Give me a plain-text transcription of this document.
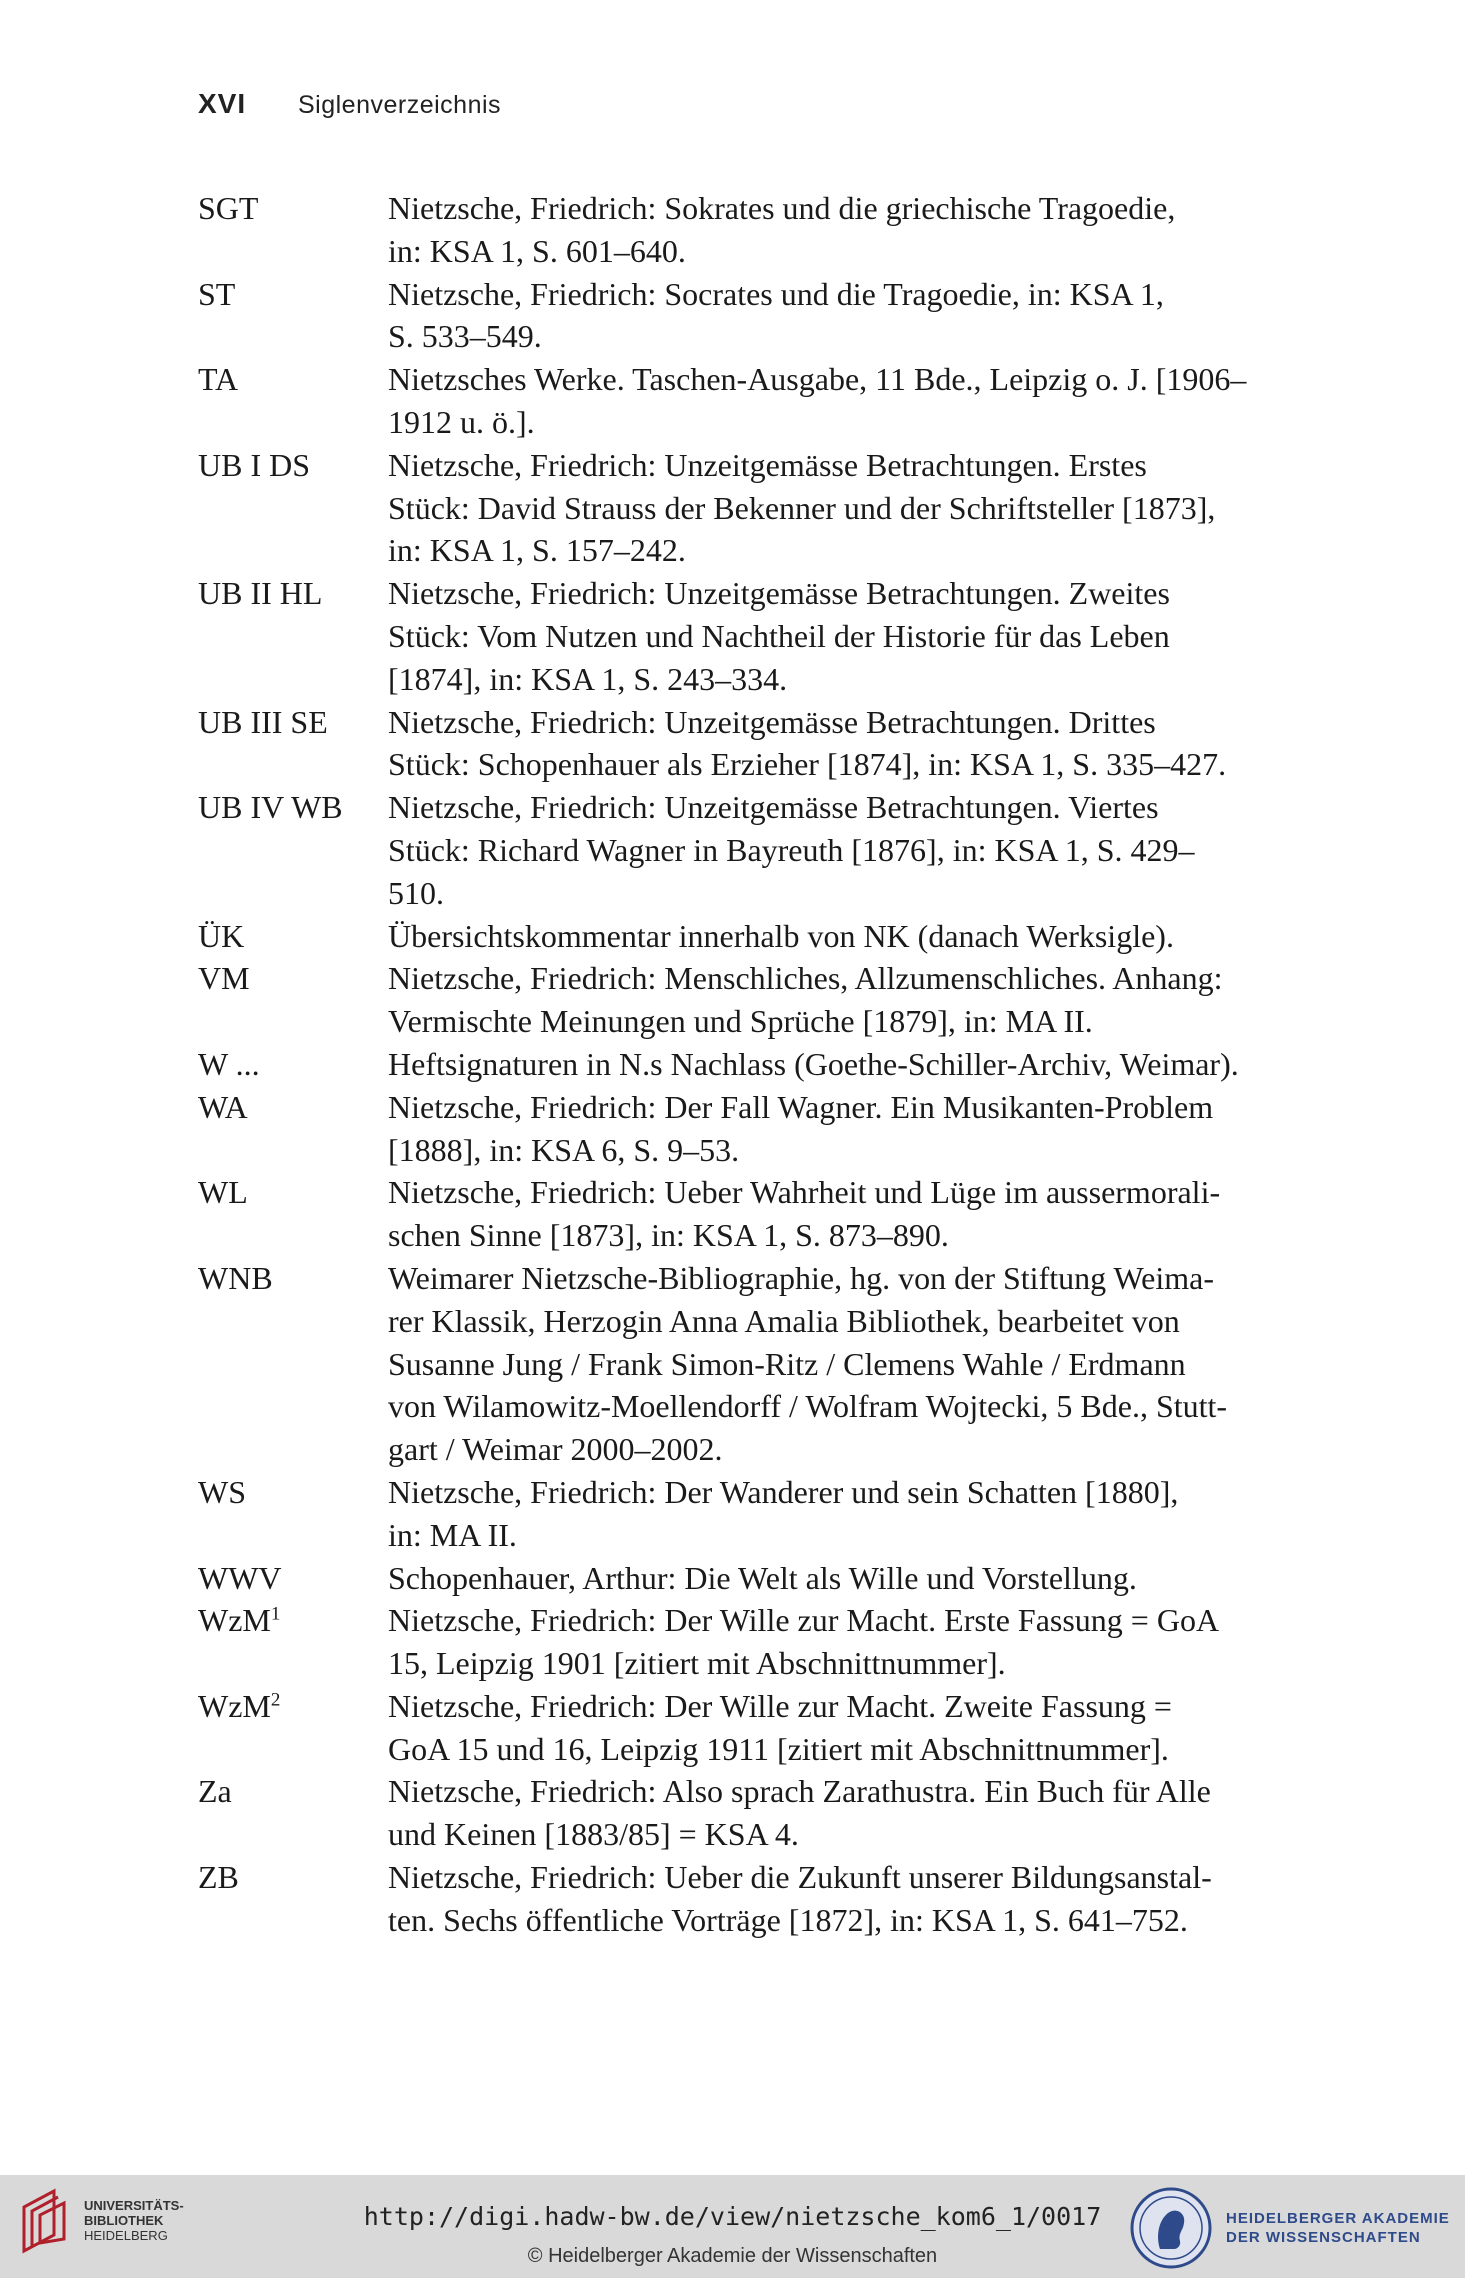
XVI	Siglenverzeichnis
SGT	Nietzsche, Friedrich: Sokrates und die griechische Tragoedie,
in: KSA 1, S. 601–640.
ST	Nietzsche, Friedrich: Socrates und die Tragoedie, in: KSA 1,
S. 533–549.
TA	Nietzsches Werke. Taschen-Ausgabe, 11 Bde., Leipzig o. J. [1906–
1912 u. ö.].
UB I DS	Nietzsche, Friedrich: Unzeitgemässe Betrachtungen. Erstes
Stück: David Strauss der Bekenner und der Schriftsteller [1873],
in: KSA 1, S. 157–242.
UB II HL	Nietzsche, Friedrich: Unzeitgemässe Betrachtungen. Zweites
Stück: Vom Nutzen und Nachtheil der Historie für das Leben
[1874], in: KSA 1, S. 243–334.
UB III SE	Nietzsche, Friedrich: Unzeitgemässe Betrachtungen. Drittes
Stück: Schopenhauer als Erzieher [1874], in: KSA 1, S. 335–427.
UB IV WB	Nietzsche, Friedrich: Unzeitgemässe Betrachtungen. Viertes
Stück: Richard Wagner in Bayreuth [1876], in: KSA 1, S. 429–
510.
ÜK	Übersichtskommentar innerhalb von NK (danach Werksigle).
VM	Nietzsche, Friedrich: Menschliches, Allzumenschliches. Anhang:
Vermischte Meinungen und Sprüche [1879], in: MA II.
W ...	Heftsignaturen in N.s Nachlass (Goethe-Schiller-Archiv, Weimar).
WA	Nietzsche, Friedrich: Der Fall Wagner. Ein Musikanten-Problem
[1888], in: KSA 6, S. 9–53.
WL	Nietzsche, Friedrich: Ueber Wahrheit und Lüge im aussermorali-
schen Sinne [1873], in: KSA 1, S. 873–890.
WNB	Weimarer Nietzsche-Bibliographie, hg. von der Stiftung Weima-
rer Klassik, Herzogin Anna Amalia Bibliothek, bearbeitet von
Susanne Jung / Frank Simon-Ritz / Clemens Wahle / Erdmann
von Wilamowitz-Moellendorff / Wolfram Wojtecki, 5 Bde., Stutt-
gart / Weimar 2000–2002.
WS	Nietzsche, Friedrich: Der Wanderer und sein Schatten [1880],
in: MA II.
WWV	Schopenhauer, Arthur: Die Welt als Wille und Vorstellung.
WzM$^1$	Nietzsche, Friedrich: Der Wille zur Macht. Erste Fassung = GoA
15, Leipzig 1901 [zitiert mit Abschnittnummer].
WzM$^2$	Nietzsche, Friedrich: Der Wille zur Macht. Zweite Fassung =
GoA 15 und 16, Leipzig 1911 [zitiert mit Abschnittnummer].
Za	Nietzsche, Friedrich: Also sprach Zarathustra. Ein Buch für Alle
und Keinen [1883/85] = KSA 4.
ZB	Nietzsche, Friedrich: Ueber die Zukunft unserer Bildungsanstal-
ten. Sechs öffentliche Vorträge [1872], in: KSA 1, S. 641–752.
UNIVERSITÄTS-
BIBLIOTHEK
HEIDELBERG
http://digi.hadw-bw.de/view/nietzsche_kom6_1/0017
© Heidelberger Akademie der Wissenschaften
HEIDELBERGER AKADEMIE
DER WISSENSCHAFTEN
